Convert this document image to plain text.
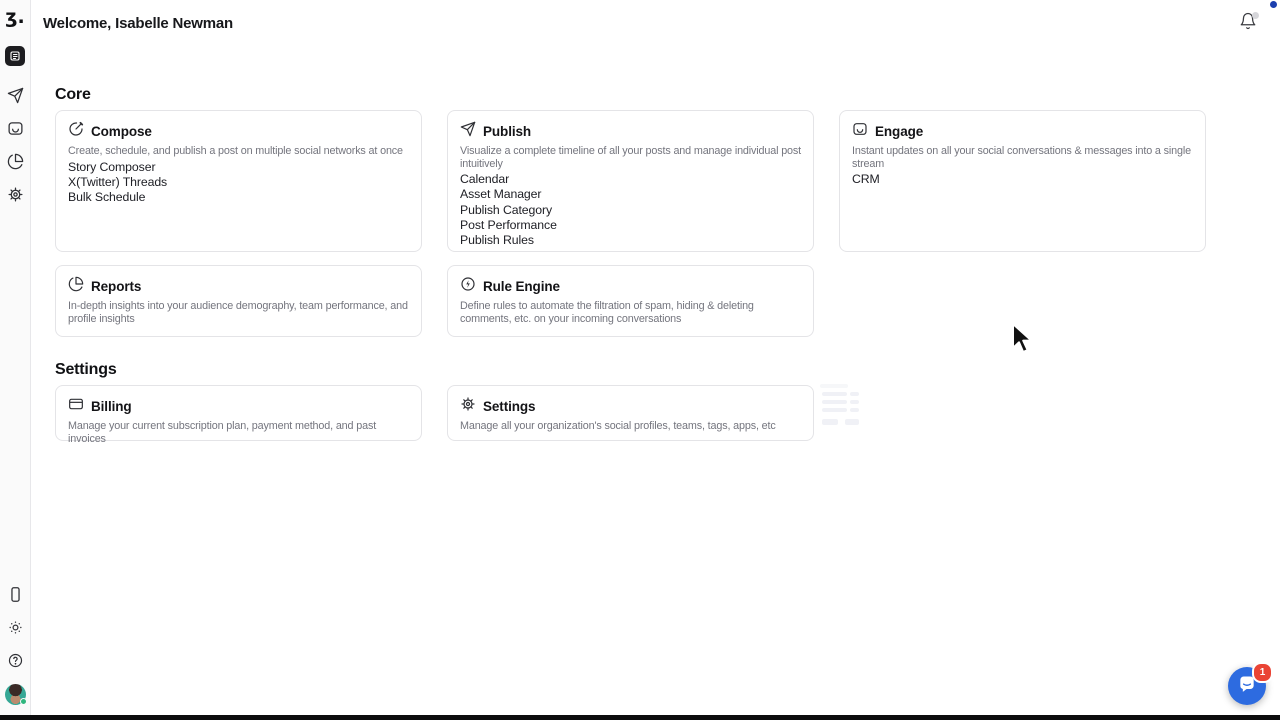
ʒ.	Welcome, Isabelle Newman
Core
Compose
Create, schedule, and publish a post on multiple social networks at once
Story Composer
X(Twitter) Threads
Bulk Schedule
Publish
Visualize a complete timeline of all your posts and manage individual post intuitively
Calendar
Asset Manager
Publish Category
Post Performance
Publish Rules
Engage
Instant updates on all your social conversations & messages into a single stream
CRM
Reports
In-depth insights into your audience demography, team performance, and profile insights
Rule Engine
Define rules to automate the filtration of spam, hiding & deleting comments, etc. on your incoming conversations
Settings
Billing
Manage your current subscription plan, payment method, and past invoices
Settings
Manage all your organization's social profiles, teams, tags, apps, etc
1
